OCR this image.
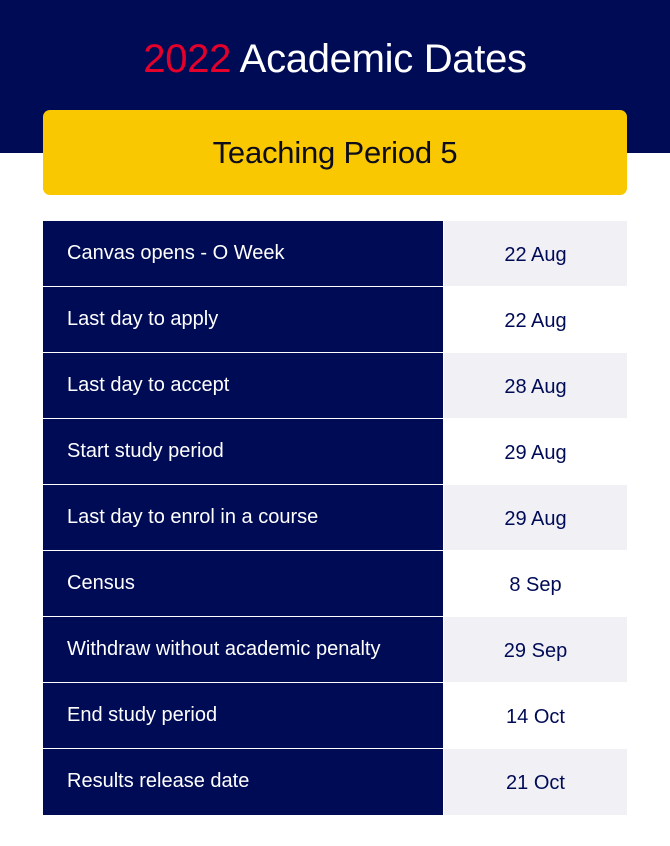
2022 Academic Dates
Teaching Period 5
Canvas opens - O Week	22 Aug
Last day to apply	22 Aug
Last day to accept	28 Aug
Start study period	29 Aug
Last day to enrol in a course	29 Aug
Census	8 Sep
Withdraw without academic penalty	29 Sep
End study period	14 Oct
Results release date	21 Oct
